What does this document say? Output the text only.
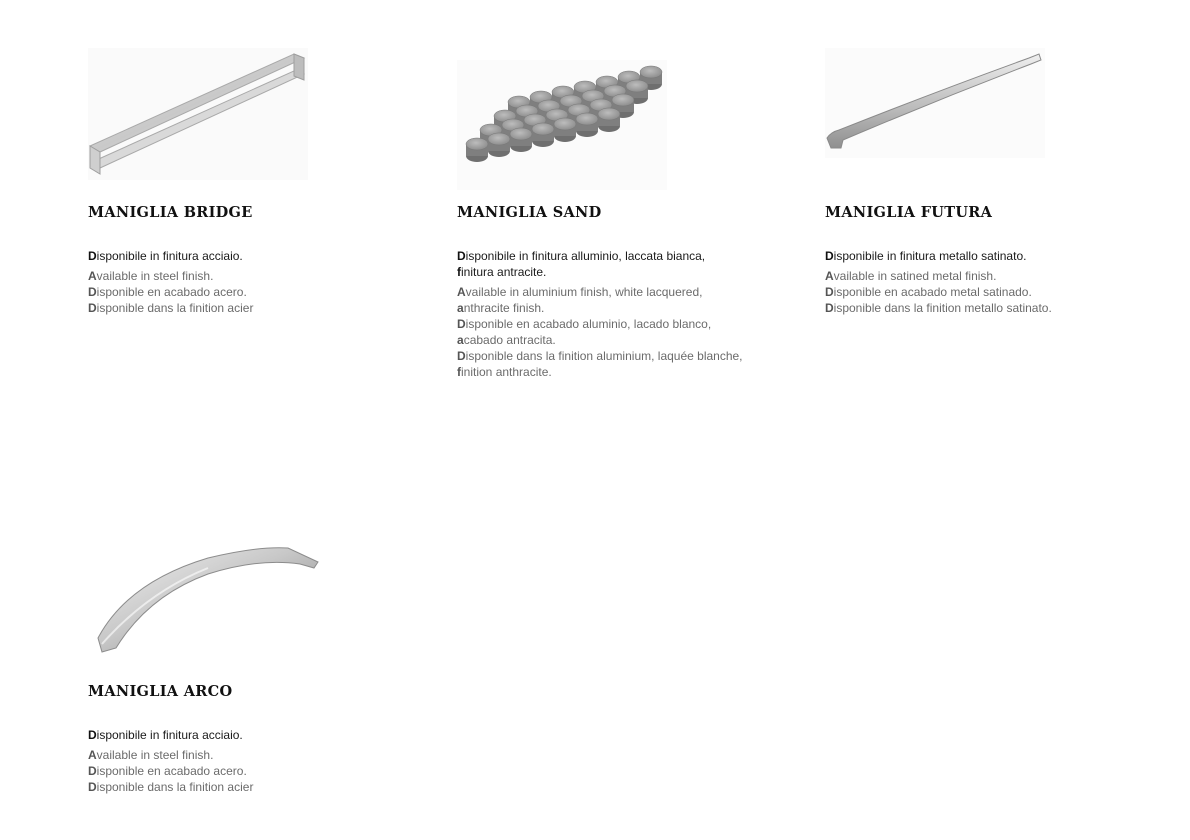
MANIGLIA BRIDGE

Disponibile in finitura acciaio.

Available in steel finish.
Disponible en acabado acero.
Disponible dans la finition acier

MANIGLIA SAND

Disponibile in finitura alluminio, laccata bianca,
finitura antracite.

Available in aluminium finish, white lacquered,
anthracite finish.
Disponible en acabado aluminio, lacado blanco,
acabado antracita.
Disponible dans la finition aluminium, laquée blanche,
finition anthracite.

MANIGLIA FUTURA

Disponibile in finitura metallo satinato.

Available in satined metal finish.
Disponible en acabado metal satinado.
Disponible dans la finition metallo satinato.

MANIGLIA ARCO

Disponibile in finitura acciaio.

Available in steel finish.
Disponible en acabado acero.
Disponible dans la finition acier
